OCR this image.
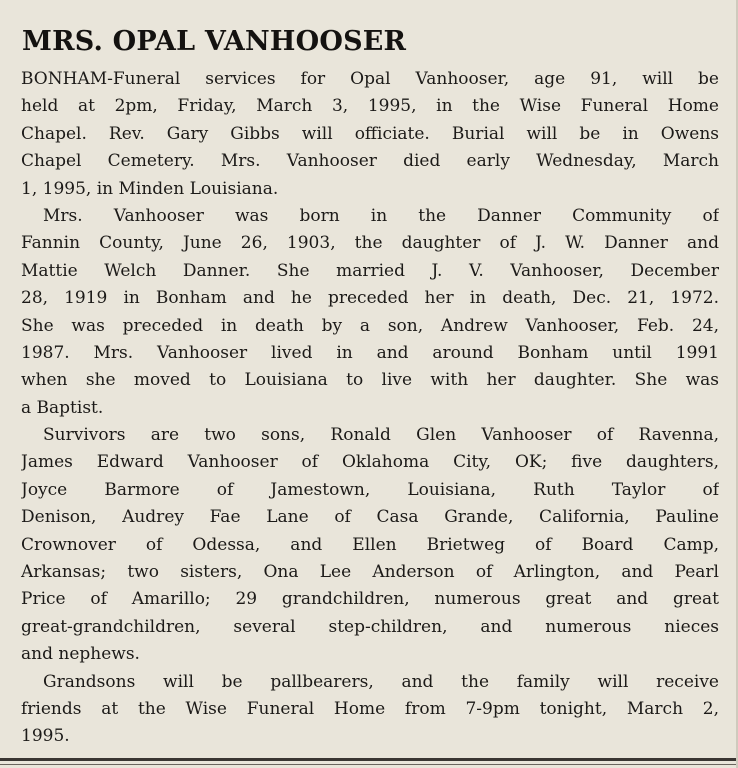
MRS. OPAL VANHOOSER
BONHAM-Funeral services for Opal Vanhooser, age 91, will be
held at 2pm, Friday, March 3, 1995, in the Wise Funeral Home
Chapel. Rev. Gary Gibbs will officiate. Burial will be in Owens
Chapel Cemetery. Mrs. Vanhooser died early Wednesday, March
1, 1995, in Minden Louisiana.
Mrs. Vanhooser was born in the Danner Community of
Fannin County, June 26, 1903, the daughter of J. W. Danner and
Mattie Welch Danner. She married J. V. Vanhooser, December
28, 1919 in Bonham and he preceded her in death, Dec. 21, 1972.
She was preceded in death by a son, Andrew Vanhooser, Feb. 24,
1987. Mrs. Vanhooser lived in and around Bonham until 1991
when she moved to Louisiana to live with her daughter. She was
a Baptist.
Survivors are two sons, Ronald Glen Vanhooser of Ravenna,
James Edward Vanhooser of Oklahoma City, OK; five daughters,
Joyce Barmore of Jamestown, Louisiana, Ruth Taylor of
Denison, Audrey Fae Lane of Casa Grande, California, Pauline
Crownover of Odessa, and Ellen Brietweg of Board Camp,
Arkansas; two sisters, Ona Lee Anderson of Arlington, and Pearl
Price of Amarillo; 29 grandchildren, numerous great and great
great-grandchildren, several step-children, and numerous nieces
and nephews.
Grandsons will be pallbearers, and the family will receive
friends at the Wise Funeral Home from 7-9pm tonight, March 2,
1995.
